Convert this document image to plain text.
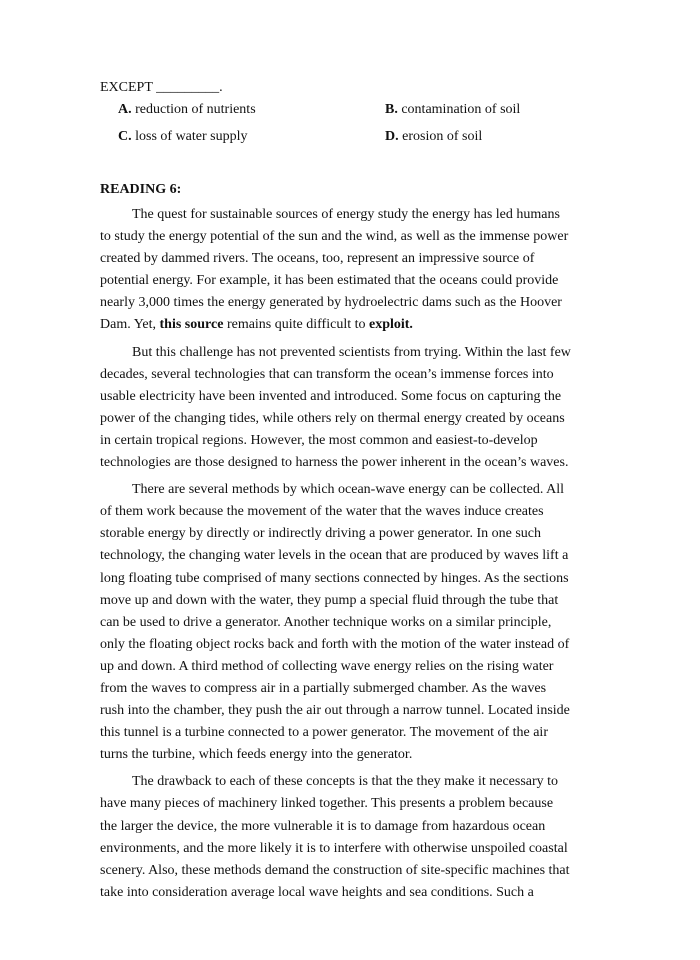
EXCEPT _________.
A. reduction of nutrients	B. contamination of soil
C. loss of water supply	D. erosion of soil
READING 6:
The quest for sustainable sources of energy study the energy has led humans
to study the energy potential of the sun and the wind, as well as the immense power
created by dammed rivers. The oceans, too, represent an impressive source of
potential energy. For example, it has been estimated that the oceans could provide
nearly 3,000 times the energy generated by hydroelectric dams such as the Hoover
Dam. Yet, this source remains quite difficult to exploit.
But this challenge has not prevented scientists from trying. Within the last few
decades, several technologies that can transform the ocean’s immense forces into
usable electricity have been invented and introduced. Some focus on capturing the
power of the changing tides, while others rely on thermal energy created by oceans
in certain tropical regions. However, the most common and easiest-to-develop
technologies are those designed to harness the power inherent in the ocean’s waves.
There are several methods by which ocean-wave energy can be collected. All
of them work because the movement of the water that the waves induce creates
storable energy by directly or indirectly driving a power generator. In one such
technology, the changing water levels in the ocean that are produced by waves lift a
long floating tube comprised of many sections connected by hinges. As the sections
move up and down with the water, they pump a special fluid through the tube that
can be used to drive a generator. Another technique works on a similar principle,
only the floating object rocks back and forth with the motion of the water instead of
up and down. A third method of collecting wave energy relies on the rising water
from the waves to compress air in a partially submerged chamber. As the waves
rush into the chamber, they push the air out through a narrow tunnel. Located inside
this tunnel is a turbine connected to a power generator. The movement of the air
turns the turbine, which feeds energy into the generator.
The drawback to each of these concepts is that the they make it necessary to
have many pieces of machinery linked together. This presents a problem because
the larger the device, the more vulnerable it is to damage from hazardous ocean
environments, and the more likely it is to interfere with otherwise unspoiled coastal
scenery. Also, these methods demand the construction of site-specific machines that
take into consideration average local wave heights and sea conditions. Such a
